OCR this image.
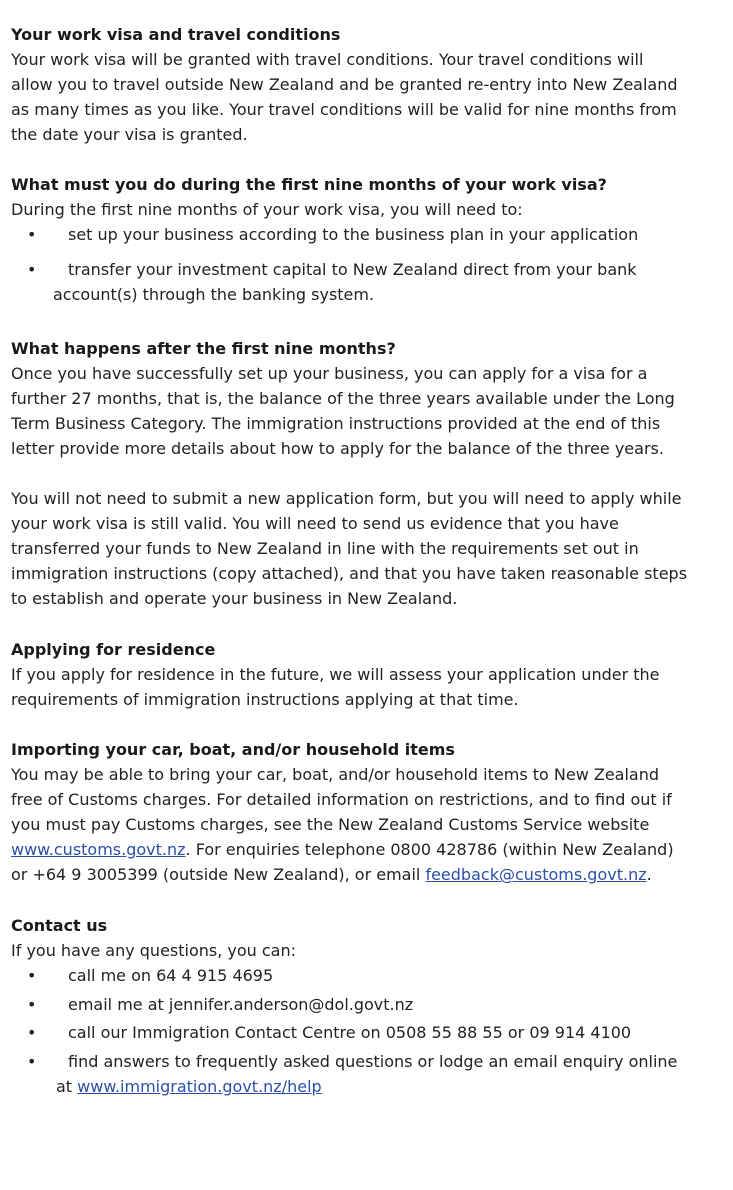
Your work visa and travel conditions
Your work visa will be granted with travel conditions. Your travel conditions will
allow you to travel outside New Zealand and be granted re-entry into New Zealand
as many times as you like. Your travel conditions will be valid for nine months from
the date your visa is granted.
What must you do during the first nine months of your work visa?
During the first nine months of your work visa, you will need to:
• set up your business according to the business plan in your application
• transfer your investment capital to New Zealand direct from your bank
account(s) through the banking system.
What happens after the first nine months?
Once you have successfully set up your business, you can apply for a visa for a
further 27 months, that is, the balance of the three years available under the Long
Term Business Category. The immigration instructions provided at the end of this
letter provide more details about how to apply for the balance of the three years.
You will not need to submit a new application form, but you will need to apply while
your work visa is still valid. You will need to send us evidence that you have
transferred your funds to New Zealand in line with the requirements set out in
immigration instructions (copy attached), and that you have taken reasonable steps
to establish and operate your business in New Zealand.
Applying for residence
If you apply for residence in the future, we will assess your application under the
requirements of immigration instructions applying at that time.
Importing your car, boat, and/or household items
You may be able to bring your car, boat, and/or household items to New Zealand
free of Customs charges. For detailed information on restrictions, and to find out if
you must pay Customs charges, see the New Zealand Customs Service website
www.customs.govt.nz. For enquiries telephone 0800 428786 (within New Zealand)
or +64 9 3005399 (outside New Zealand), or email feedback@customs.govt.nz.
Contact us
If you have any questions, you can:
• call me on 64 4 915 4695
• email me at jennifer.anderson@dol.govt.nz
• call our Immigration Contact Centre on 0508 55 88 55 or 09 914 4100
• find answers to frequently asked questions or lodge an email enquiry online
at www.immigration.govt.nz/help
